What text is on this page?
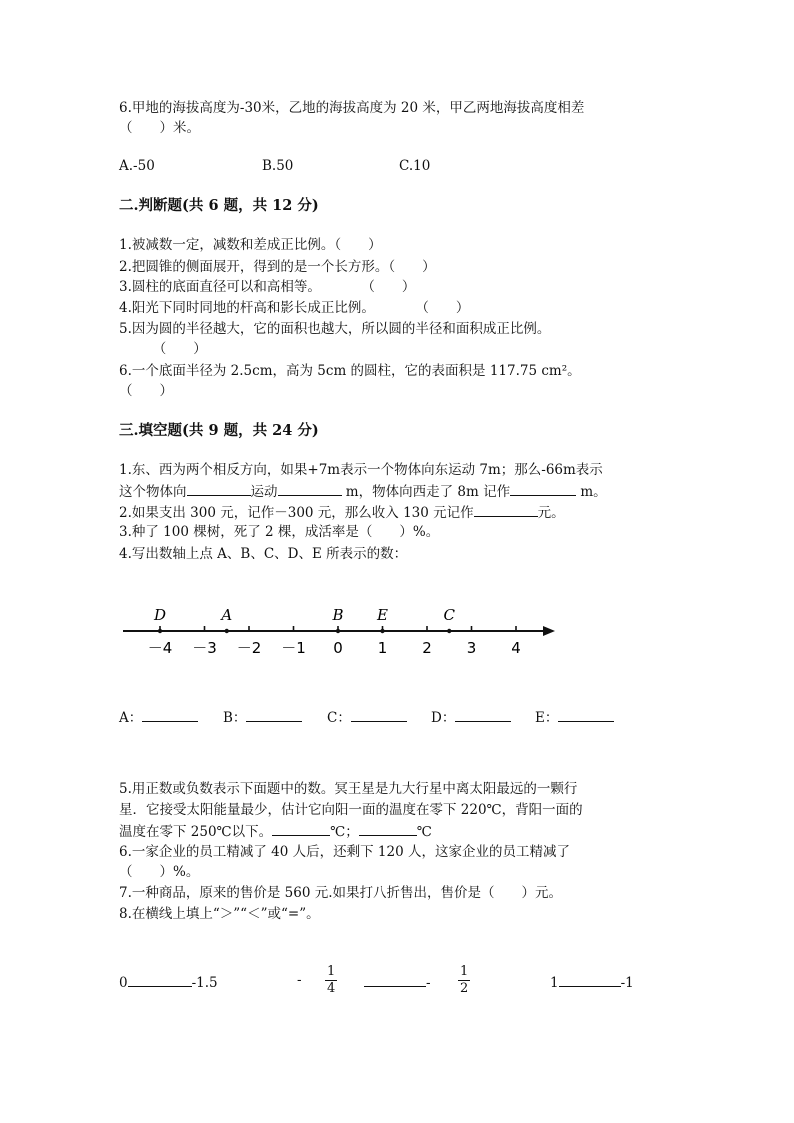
6.甲地的海拔高度为-30米，乙地的海拔高度为 20 米，甲乙两地海拔高度相差
（　　）米。
A.-50	B.50	C.10
二.判断题(共 6 题，共 12 分)
1.被减数一定，减数和差成正比例。（　　）
2.把圆锥的侧面展开，得到的是一个长方形。（　　）
3.圆柱的底面直径可以和高相等。　　　　（　　）
4.阳光下同时同地的杆高和影长成正比例。　　　　（　　）
5.因为圆的半径越大，它的面积也越大，所以圆的半径和面积成正比例。
　　　（　　）
6.一个底面半径为 2.5cm，高为 5cm 的圆柱，它的表面积是 117.75 cm²。
（　　）
三.填空题(共 9 题，共 24 分)
1.东、西为两个相反方向，如果+7m表示一个物体向东运动 7m；那么-66m表示
这个物体向	运动	m，物体向西走了 8m 记作	m。
2.如果支出 300 元，记作－300 元，那么收入 130 元记作	元。
3.种了 100 棵树，死了 2 棵，成活率是（　　）%。
4.写出数轴上点 A、B、C、D、E 所表示的数：
－4 －3 －2 －1 0 1 2 3 4
D	A	B E	C
A：	B：	C：	D：	E：
5.用正数或负数表示下面题中的数。冥王星是九大行星中离太阳最远的一颗行
星．它接受太阳能量最少，估计它向阳一面的温度在零下 220℃，背阳一面的
温度在零下 250℃以下。	℃；	℃
6.一家企业的员工精减了 40 人后，还剩下 120 人，这家企业的员工精减了
（　　）%。
7.一种商品，原来的售价是 560 元.如果打八折售出，售价是（　　）元。
8.在横线上填上“＞”“＜”或“=”。
0	-1.5	- $\frac{1}{4}$	- $\frac{1}{2}$	1	-1
